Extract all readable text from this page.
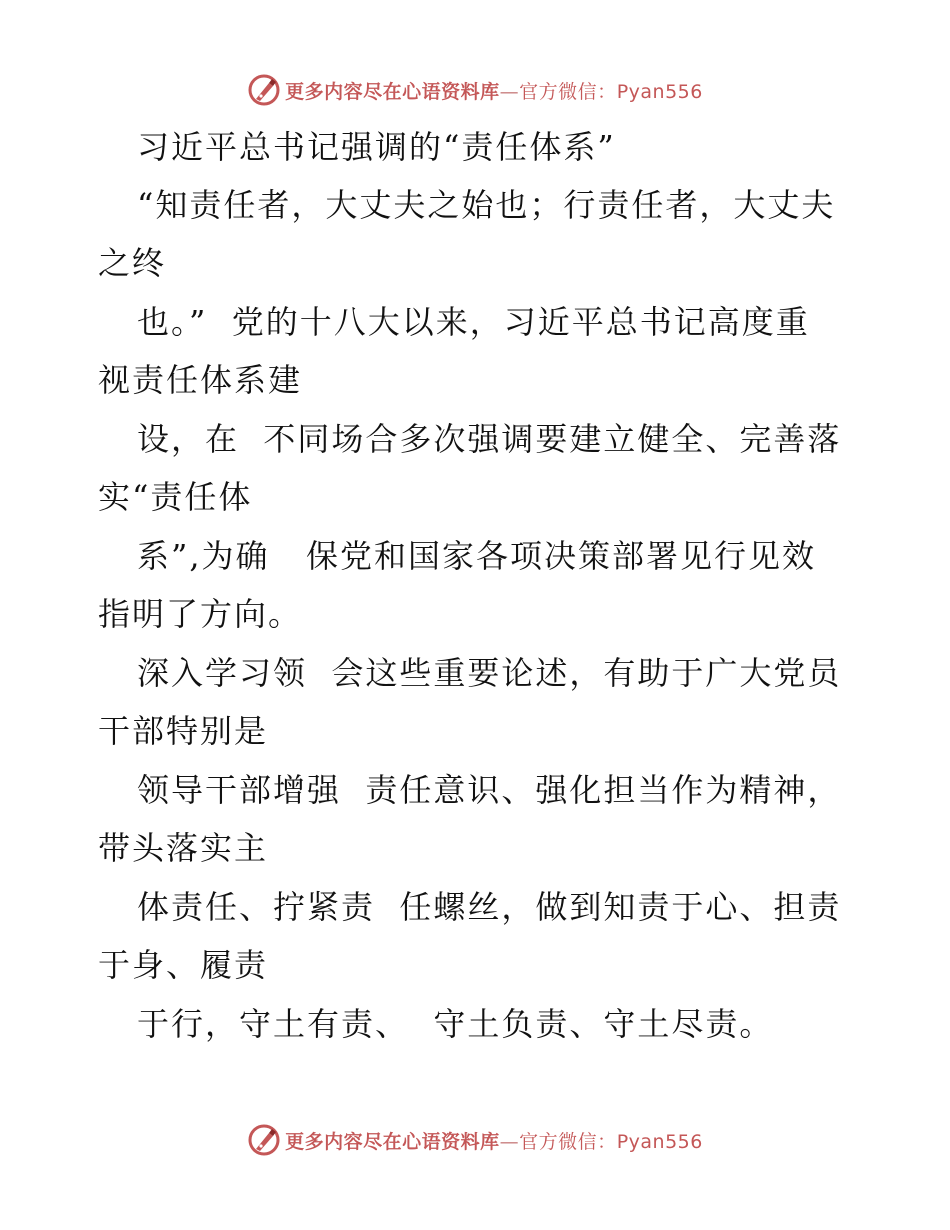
更多内容尽在心语资料库—官方微信：Pyan556
习近平总书记强调的“责任体系”
“知责任者，大丈夫之始也；行责任者，大丈夫
之终
也。”  党的十八大以来，习近平总书记高度重
视责任体系建
设，在  不同场合多次强调要建立健全、完善落
实“责任体
系”,为确   保党和国家各项决策部署见行见效
指明了方向。
深入学习领  会这些重要论述，有助于广大党员
干部特别是
领导干部增强  责任意识、强化担当作为精神，
带头落实主
体责任、拧紧责  任螺丝，做到知责于心、担责
于身、履责
于行，守土有责、  守土负责、守土尽责。
更多内容尽在心语资料库—官方微信：Pyan556
